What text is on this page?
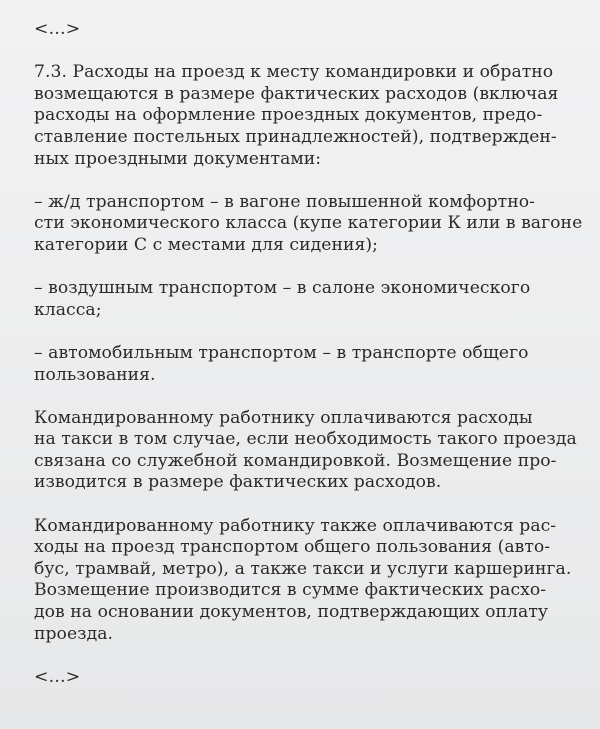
<…>
7.3. Расходы на проезд к месту командировки и обратно
возмещаются в размере фактических расходов (включая
расходы на оформление проездных документов, предо-
ставление постельных принадлежностей), подтвержден-
ных проездными документами:
– ж/д транспортом – в вагоне повышенной комфортно-
сти экономического класса (купе категории К или в вагоне
категории С с местами для сидения);
– воздушным транспортом – в салоне экономического
класса;
– автомобильным транспортом – в транспорте общего
пользования.
Командированному работнику оплачиваются расходы
на такси в том случае, если необходимость такого проезда
связана со служебной командировкой. Возмещение про-
изводится в размере фактических расходов.
Командированному работнику также оплачиваются рас-
ходы на проезд транспортом общего пользования (авто-
бус, трамвай, метро), а также такси и услуги каршеринга.
Возмещение производится в сумме фактических расхо-
дов на основании документов, подтверждающих оплату
проезда.
<…>
